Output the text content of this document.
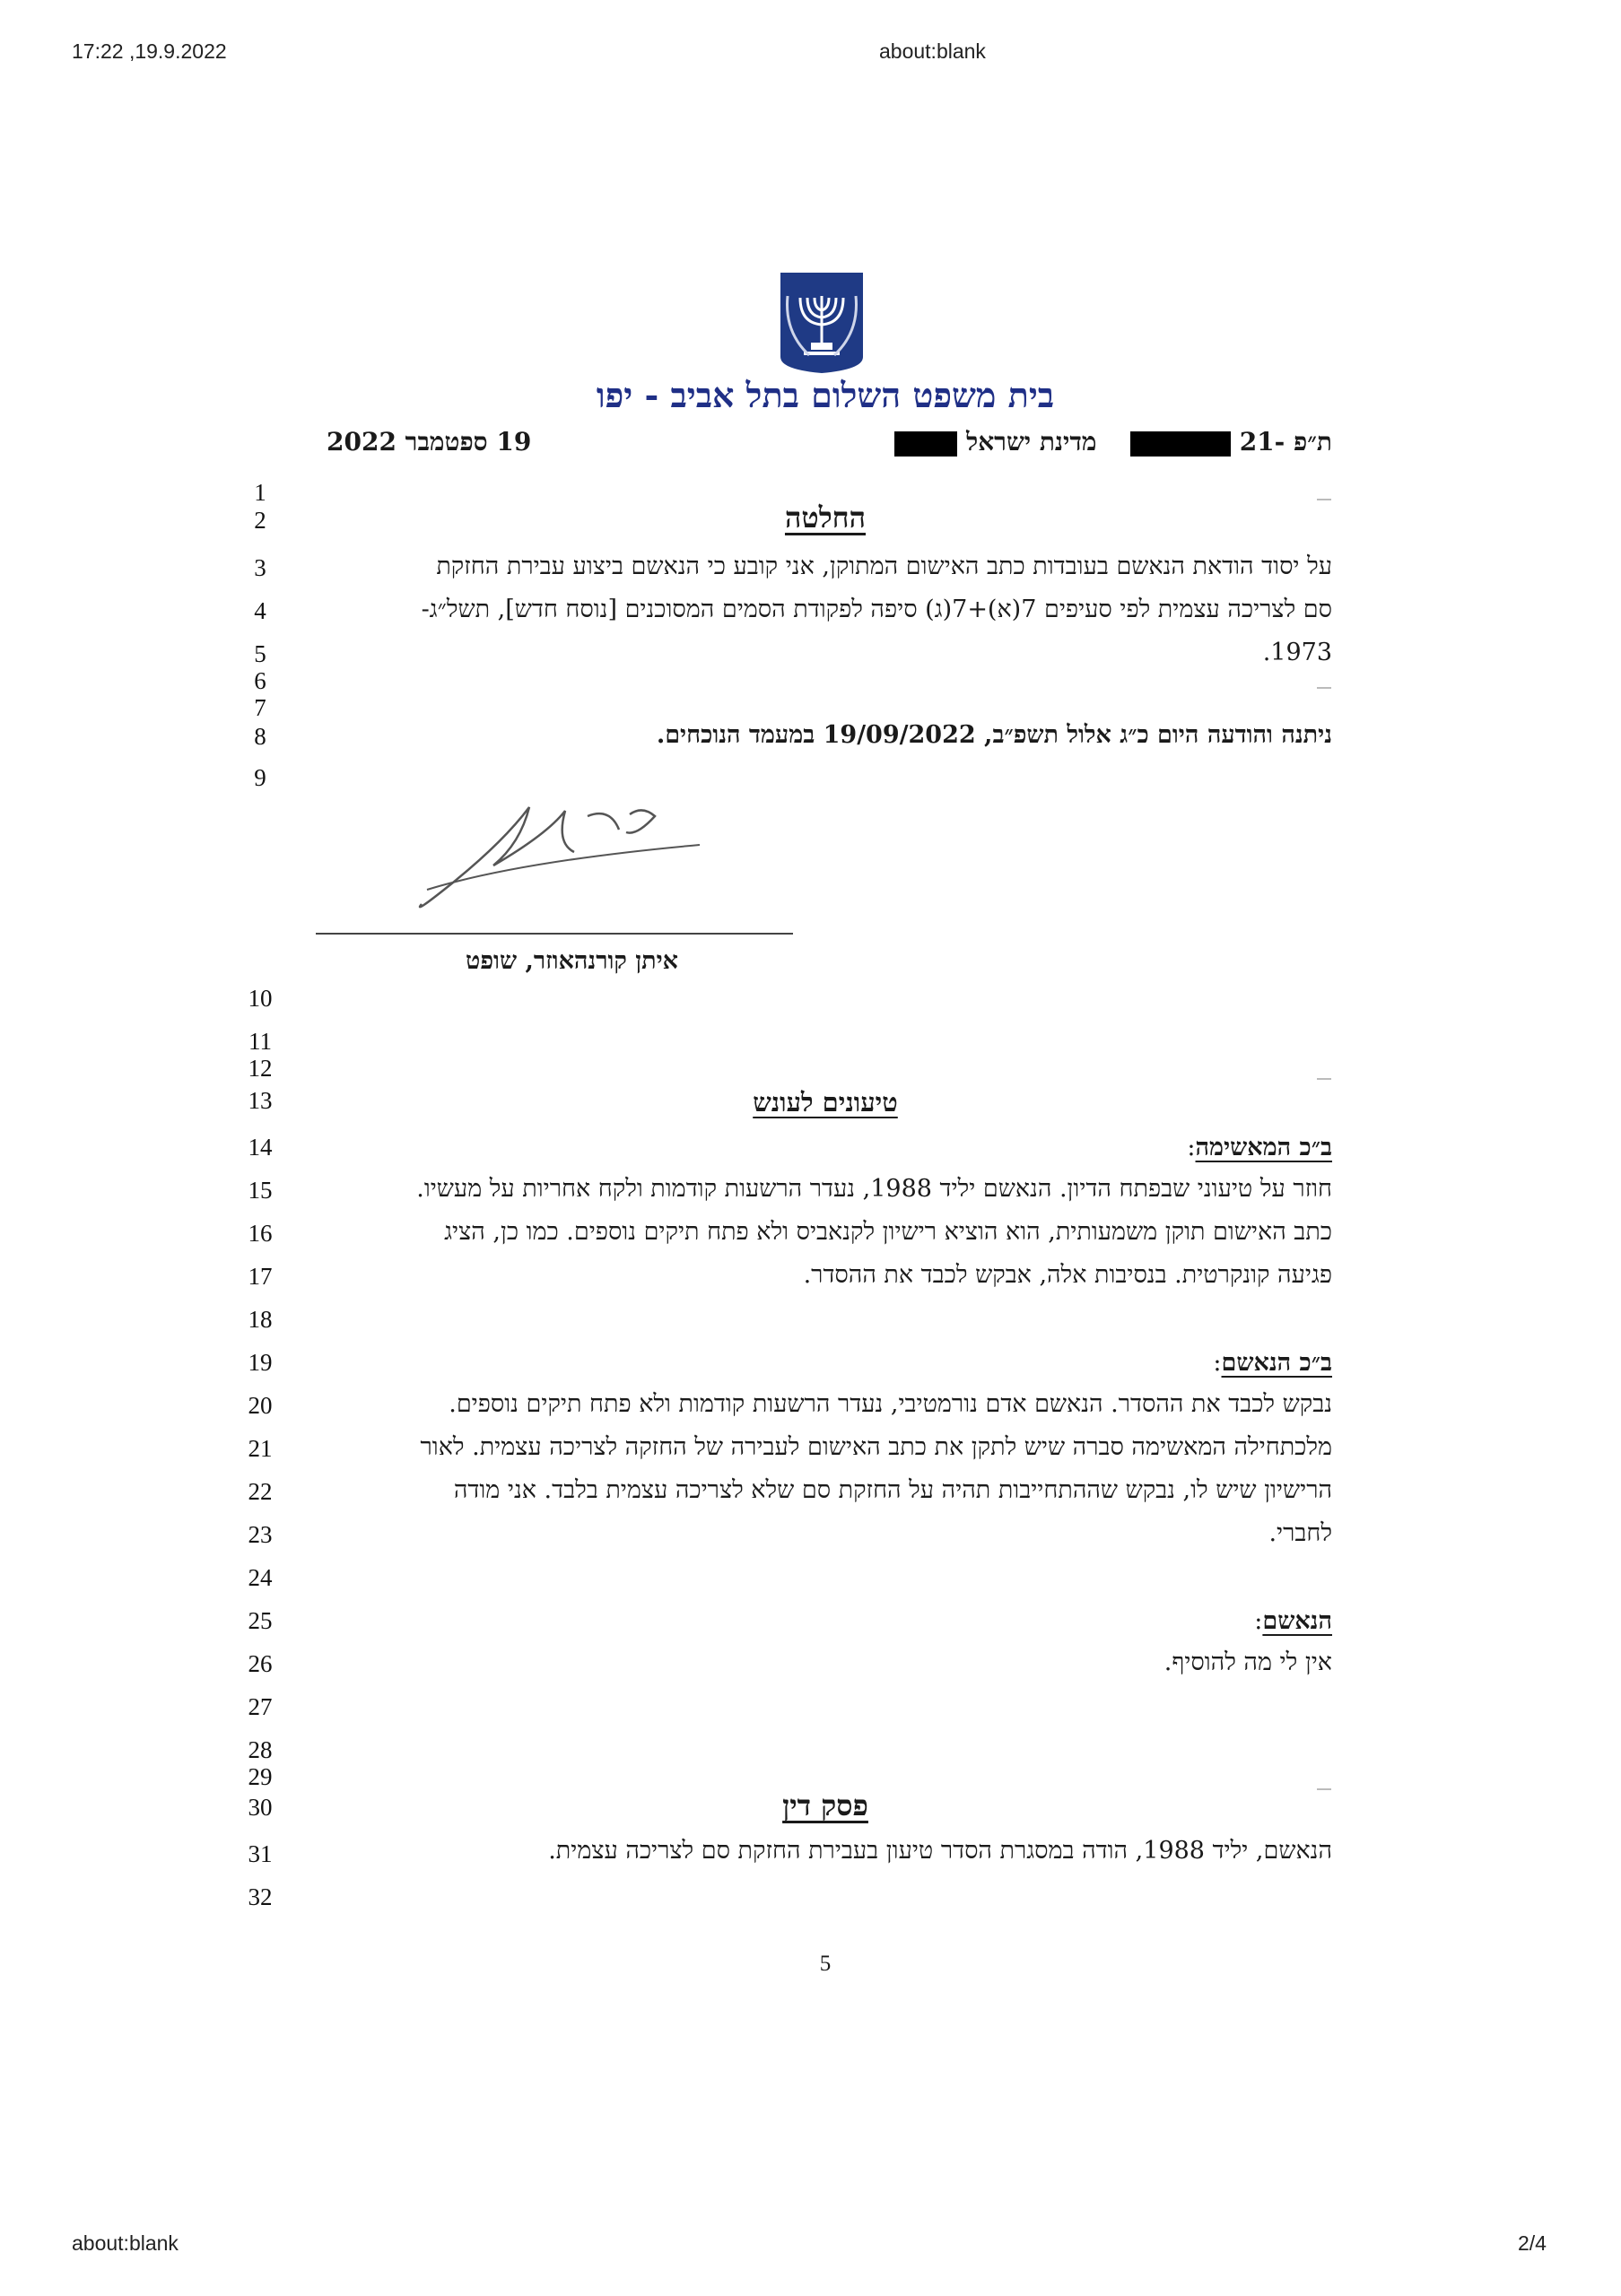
17:22 ,19.9.2022	about:blank
about:blank	2/4
בית משפט השלום בתל אביב - יפו
ת״פ -21   מדינת ישראל
19 ספטמבר 2022
1
2
3
4
5
6
7
8
9
10
11
12
13
14
15
16
17
18
19
20
21
22
23
24
25
26
27
28
29
30
31
32
החלטה
על יסוד הודאת הנאשם בעובדות כתב האישום המתוקן, אני קובע כי הנאשם ביצוע עבירת החזקת
סם לצריכה עצמית לפי סעיפים 7(א)+7(ג) סיפה לפקודת הסמים המסוכנים [נוסח חדש], תשל״ג-
1973.
ניתנה והודעה היום כ״ג אלול תשפ״ב, 19/09/2022 במעמד הנוכחים.
איתן קורנהאוזר, שופט
טיעונים לעונש
ב״כ המאשימה:
חוזר על טיעוני שבפתח הדיון. הנאשם יליד 1988, נעדר הרשעות קודמות ולקח אחריות על מעשיו.
כתב האישום תוקן משמעותית, הוא הוציא רישיון לקנאביס ולא פתח תיקים נוספים. כמו כן, הציג
פגיעה קונקרטית. בנסיבות אלה, אבקש לכבד את ההסדר.
ב״כ הנאשם:
נבקש לכבד את ההסדר. הנאשם אדם נורמטיבי, נעדר הרשעות קודמות ולא פתח תיקים נוספים.
מלכתחילה המאשימה סברה שיש לתקן את כתב האישום לעבירה של החזקה לצריכה עצמית. לאור
הרישיון שיש לו, נבקש שההתחייבות תהיה על החזקת סם שלא לצריכה עצמית בלבד. אני מודה
לחברי.
הנאשם:
אין לי מה להוסיף.
פסק דין
הנאשם, יליד 1988, הודה במסגרת הסדר טיעון בעבירת החזקת סם לצריכה עצמית.
5
